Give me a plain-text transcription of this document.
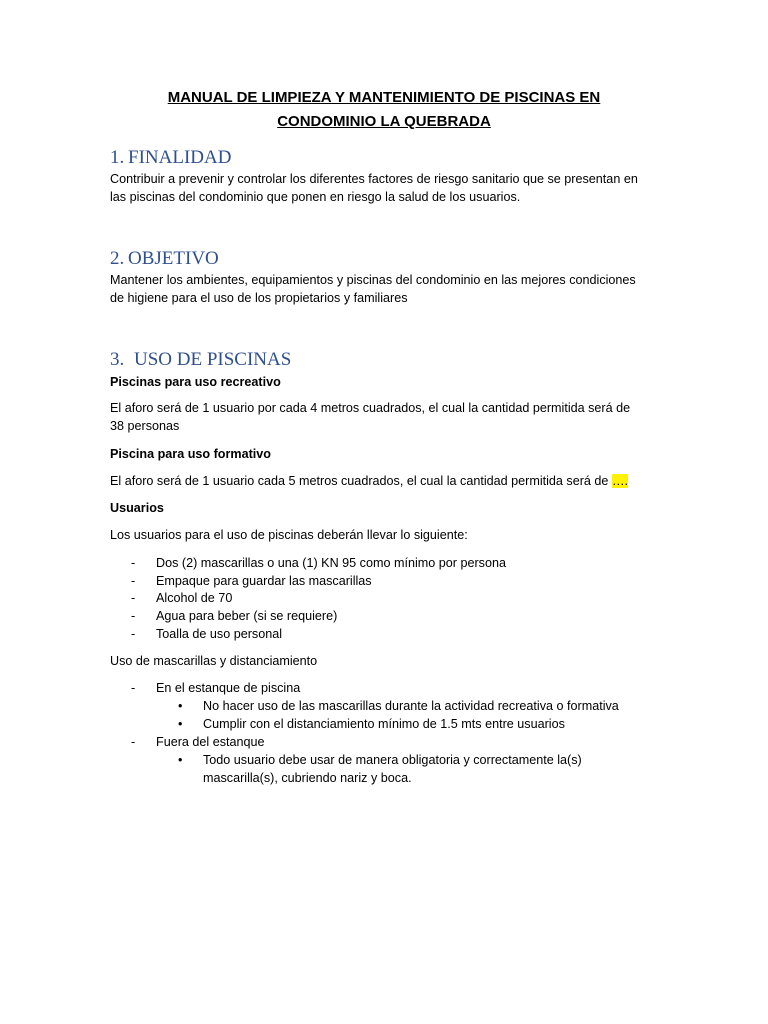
MANUAL DE LIMPIEZA Y MANTENIMIENTO DE PISCINAS EN
CONDOMINIO LA QUEBRADA
1. FINALIDAD
Contribuir a prevenir y controlar los diferentes factores de riesgo sanitario que se presentan en
las piscinas del condominio que ponen en riesgo la salud de los usuarios.
2. OBJETIVO
Mantener los ambientes, equipamientos y piscinas del condominio en las mejores condiciones
de higiene para el uso de los propietarios y familiares
3. USO DE PISCINAS
Piscinas para uso recreativo
El aforo será de 1 usuario por cada 4 metros cuadrados, el cual la cantidad permitida será de
38 personas
Piscina para uso formativo
El aforo será de 1 usuario cada 5 metros cuadrados, el cual la cantidad permitida será de ….
Usuarios
Los usuarios para el uso de piscinas deberán llevar lo siguiente:
- Dos (2) mascarillas o una (1) KN 95 como mínimo por persona
- Empaque para guardar las mascarillas
- Alcohol de 70
- Agua para beber (si se requiere)
- Toalla de uso personal
Uso de mascarillas y distanciamiento
- En el estanque de piscina
• No hacer uso de las mascarillas durante la actividad recreativa o formativa
• Cumplir con el distanciamiento mínimo de 1.5 mts entre usuarios
- Fuera del estanque
• Todo usuario debe usar de manera obligatoria y correctamente la(s)
mascarilla(s), cubriendo nariz y boca.
